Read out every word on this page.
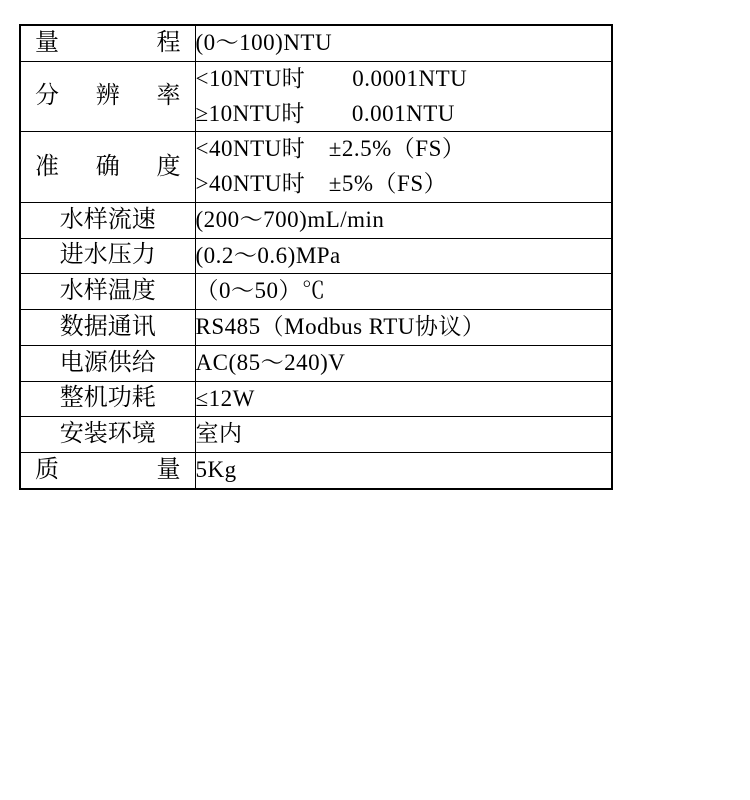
量 程	(0～100)NTU

分 辨 率	<10NTU时　　0.0001NTU
≥10NTU时　　0.001NTU

准 确 度	<40NTU时　±2.5%（FS）
>40NTU时　±5%（FS）

水样流速	(200～700)mL/min

进水压力	(0.2～0.6)MPa

水样温度	（0～50）℃

数据通讯	RS485（Modbus RTU协议）

电源供给	AC(85～240)V

整机功耗	≤12W

安装环境	室内

质 量	5Kg
